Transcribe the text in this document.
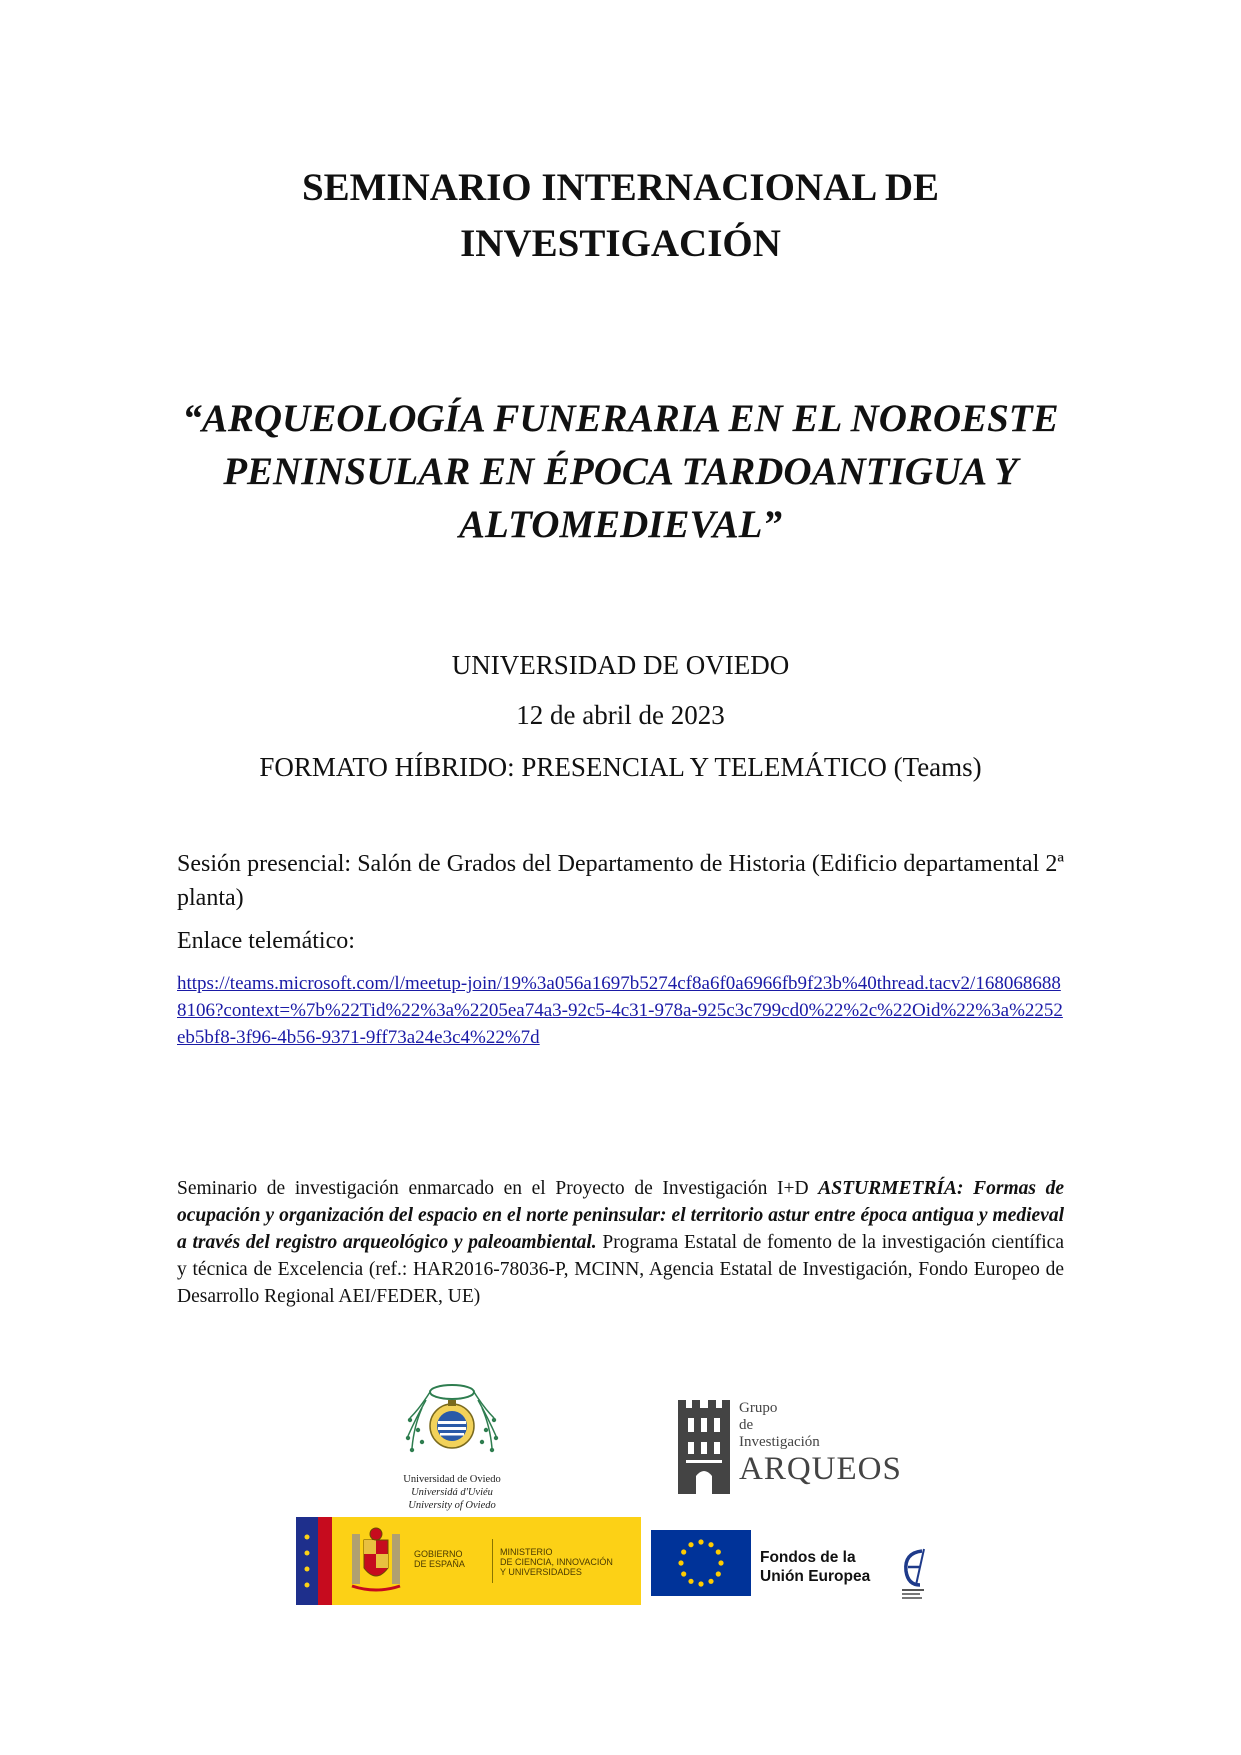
SEMINARIO INTERNACIONAL DE
INVESTIGACIÓN
“ARQUEOLOGÍA FUNERARIA EN EL NOROESTE
PENINSULAR EN ÉPOCA TARDOANTIGUA Y
ALTOMEDIEVAL”

UNIVERSIDAD DE OVIEDO

12 de abril de 2023

FORMATO HÍBRIDO: PRESENCIAL Y TELEMÁTICO (Teams)

Sesión presencial: Salón de Grados del Departamento de Historia (Edificio departamental 2ª planta)

Enlace telemático:

https://teams.microsoft.com/l/meetup-join/19%3a056a1697b5274cf8a6f0a6966fb9f23b%40thread.tacv2/1680686888106?context=%7b%22Tid%22%3a%2205ea74a3-92c5-4c31-978a-925c3c799cd0%22%2c%22Oid%22%3a%2252eb5bf8-3f96-4b56-9371-9ff73a24e3c4%22%7d

Seminario de investigación enmarcado en el Proyecto de Investigación I+D ASTURMETRÍA: Formas de ocupación y organización del espacio en el norte peninsular: el territorio astur entre época antigua y medieval a través del registro arqueológico y paleoambiental. Programa Estatal de fomento de la investigación científica y técnica de Excelencia (ref.: HAR2016-78036-P, MCINN, Agencia Estatal de Investigación, Fondo Europeo de Desarrollo Regional AEI/FEDER, UE)

Universidad de Oviedo
Universidá d'Uviéu
University of Oviedo
Grupo
de
Investigación
ARQUEOS
GOBIERNO
DE ESPAÑA
MINISTERIO
DE CIENCIA, INNOVACIÓN
Y UNIVERSIDADES
Fondos de la
Unión Europea
